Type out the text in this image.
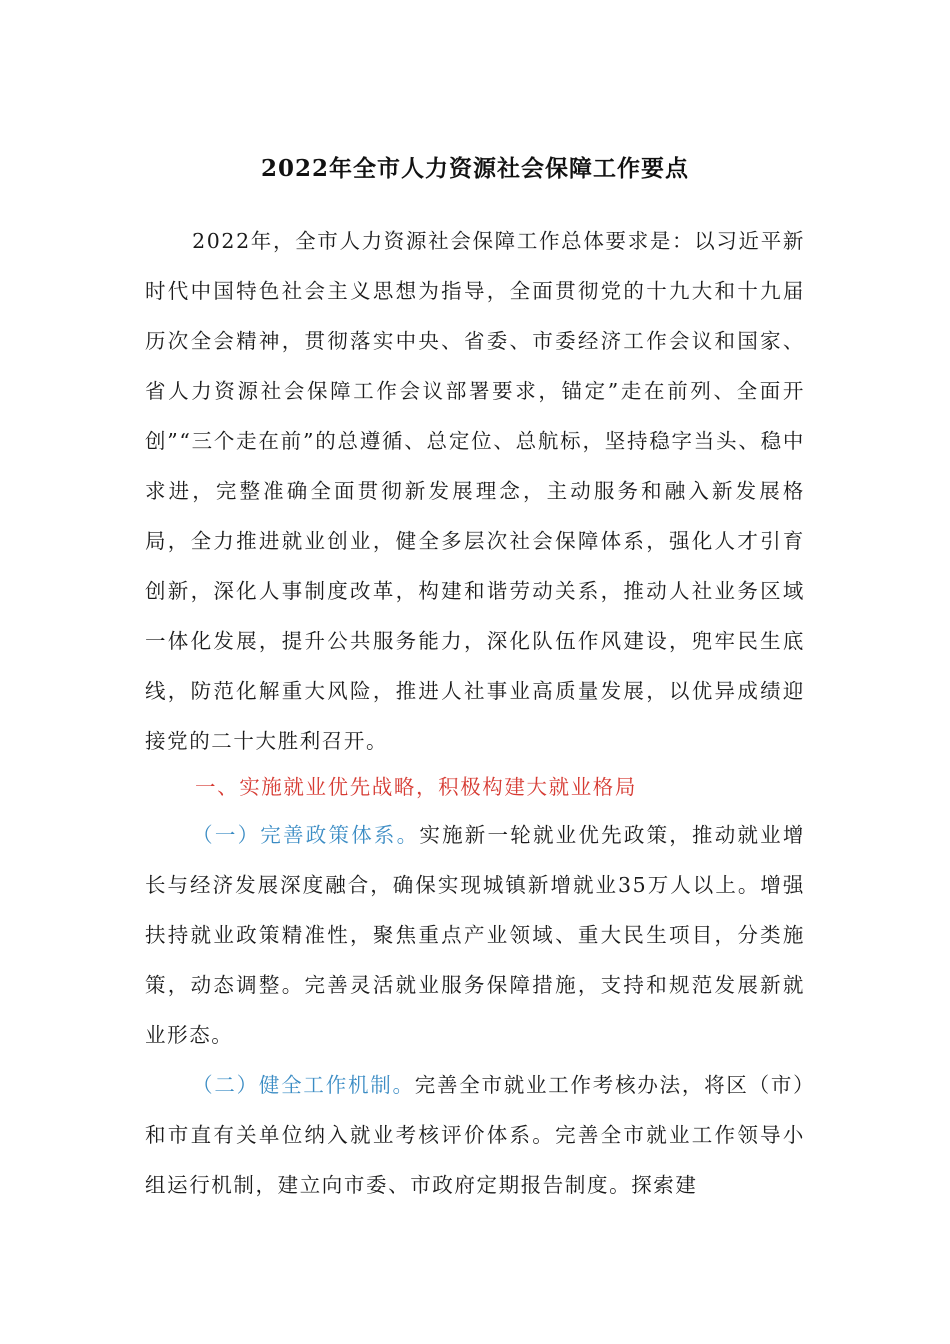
2022年全市人力资源社会保障工作要点
2022年，全市人力资源社会保障工作总体要求是：以习近平新时代中国特色社会主义思想为指导，全面贯彻党的十九大和十九届历次全会精神，贯彻落实中央、省委、市委经济工作会议和国家、省人力资源社会保障工作会议部署要求，锚定”走在前列、全面开创”“三个走在前”的总遵循、总定位、总航标，坚持稳字当头、稳中求进，完整准确全面贯彻新发展理念，主动服务和融入新发展格局，全力推进就业创业，健全多层次社会保障体系，强化人才引育创新，深化人事制度改革，构建和谐劳动关系，推动人社业务区域一体化发展，提升公共服务能力，深化队伍作风建设，兜牢民生底线，防范化解重大风险，推进人社事业高质量发展，以优异成绩迎接党的二十大胜利召开。
一、实施就业优先战略，积极构建大就业格局
（一）完善政策体系。实施新一轮就业优先政策，推动就业增长与经济发展深度融合，确保实现城镇新增就业35万人以上。增强扶持就业政策精准性，聚焦重点产业领域、重大民生项目，分类施策，动态调整。完善灵活就业服务保障措施，支持和规范发展新就业形态。
（二）健全工作机制。完善全市就业工作考核办法，将区（市）和市直有关单位纳入就业考核评价体系。完善全市就业工作领导小组运行机制，建立向市委、市政府定期报告制度。探索建
